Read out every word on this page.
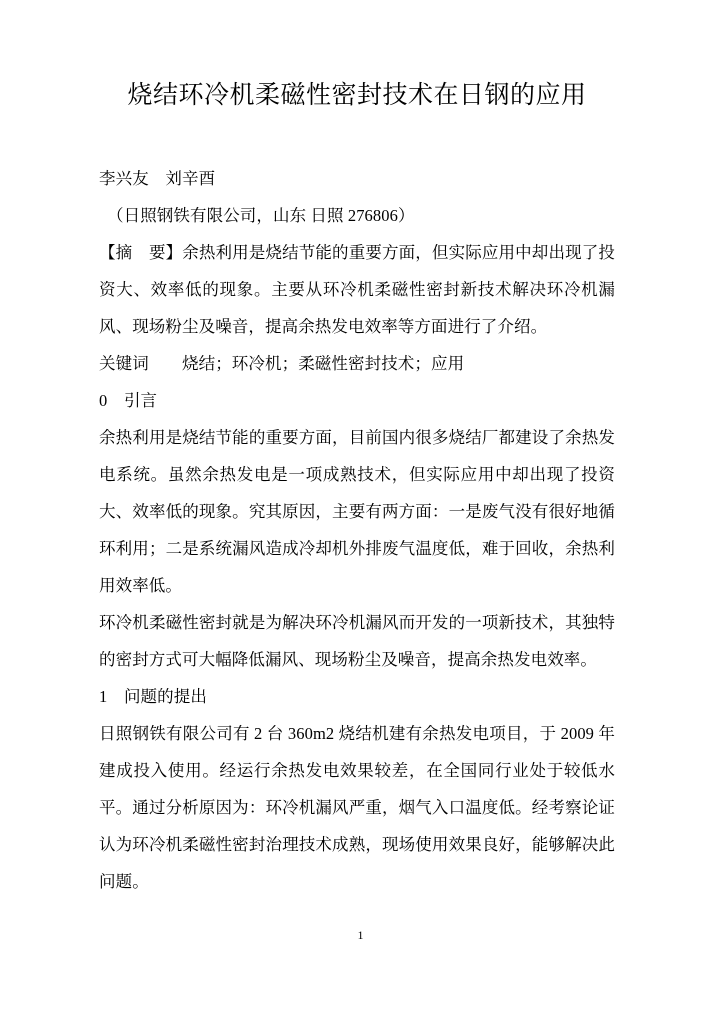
烧结环冷机柔磁性密封技术在日钢的应用

李兴友　刘辛酉

（日照钢铁有限公司，山东 日照 276806）

【摘　要】余热利用是烧结节能的重要方面，但实际应用中却出现了投资大、效率低的现象。主要从环冷机柔磁性密封新技术解决环冷机漏风、现场粉尘及噪音，提高余热发电效率等方面进行了介绍。

关键词　　烧结；环冷机；柔磁性密封技术；应用

0　引言

余热利用是烧结节能的重要方面，目前国内很多烧结厂都建设了余热发电系统。虽然余热发电是一项成熟技术，但实际应用中却出现了投资大、效率低的现象。究其原因，主要有两方面：一是废气没有很好地循环利用；二是系统漏风造成冷却机外排废气温度低，难于回收，余热利用效率低。

环冷机柔磁性密封就是为解决环冷机漏风而开发的一项新技术，其独特的密封方式可大幅降低漏风、现场粉尘及噪音，提高余热发电效率。

1　问题的提出

日照钢铁有限公司有 2 台 360m2 烧结机建有余热发电项目，于 2009 年建成投入使用。经运行余热发电效果较差，在全国同行业处于较低水平。通过分析原因为：环冷机漏风严重，烟气入口温度低。经考察论证认为环冷机柔磁性密封治理技术成熟，现场使用效果良好，能够解决此问题。

1
